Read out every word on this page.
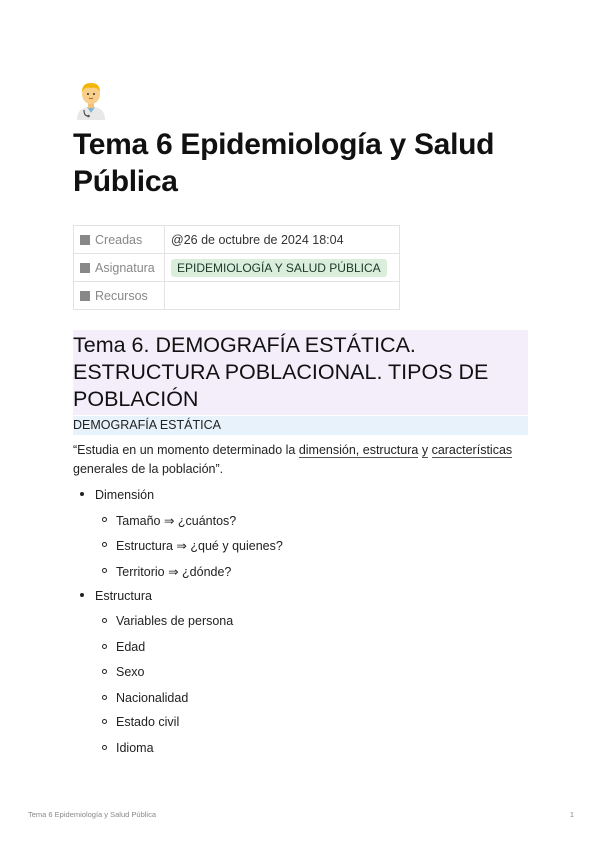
Tema 6 Epidemiología y Salud Pública
Creadas	@26 de octubre de 2024 18:04
Asignatura	EPIDEMIOLOGÍA Y SALUD PÚBLICA
Recursos	
Tema 6. DEMOGRAFÍA ESTÁTICA. ESTRUCTURA POBLACIONAL. TIPOS DE POBLACIÓN
DEMOGRAFÍA ESTÁTICA

“Estudia en un momento determinado la dimensión, estructura y características generales de la población”.

Dimensión
Tamaño ⇒ ¿cuántos?
Estructura ⇒ ¿qué y quienes?
Territorio ⇒ ¿dónde?
Estructura
Variables de persona
Edad
Sexo
Nacionalidad
Estado civil
Idioma
Tema 6 Epidemiología y Salud Pública	1
